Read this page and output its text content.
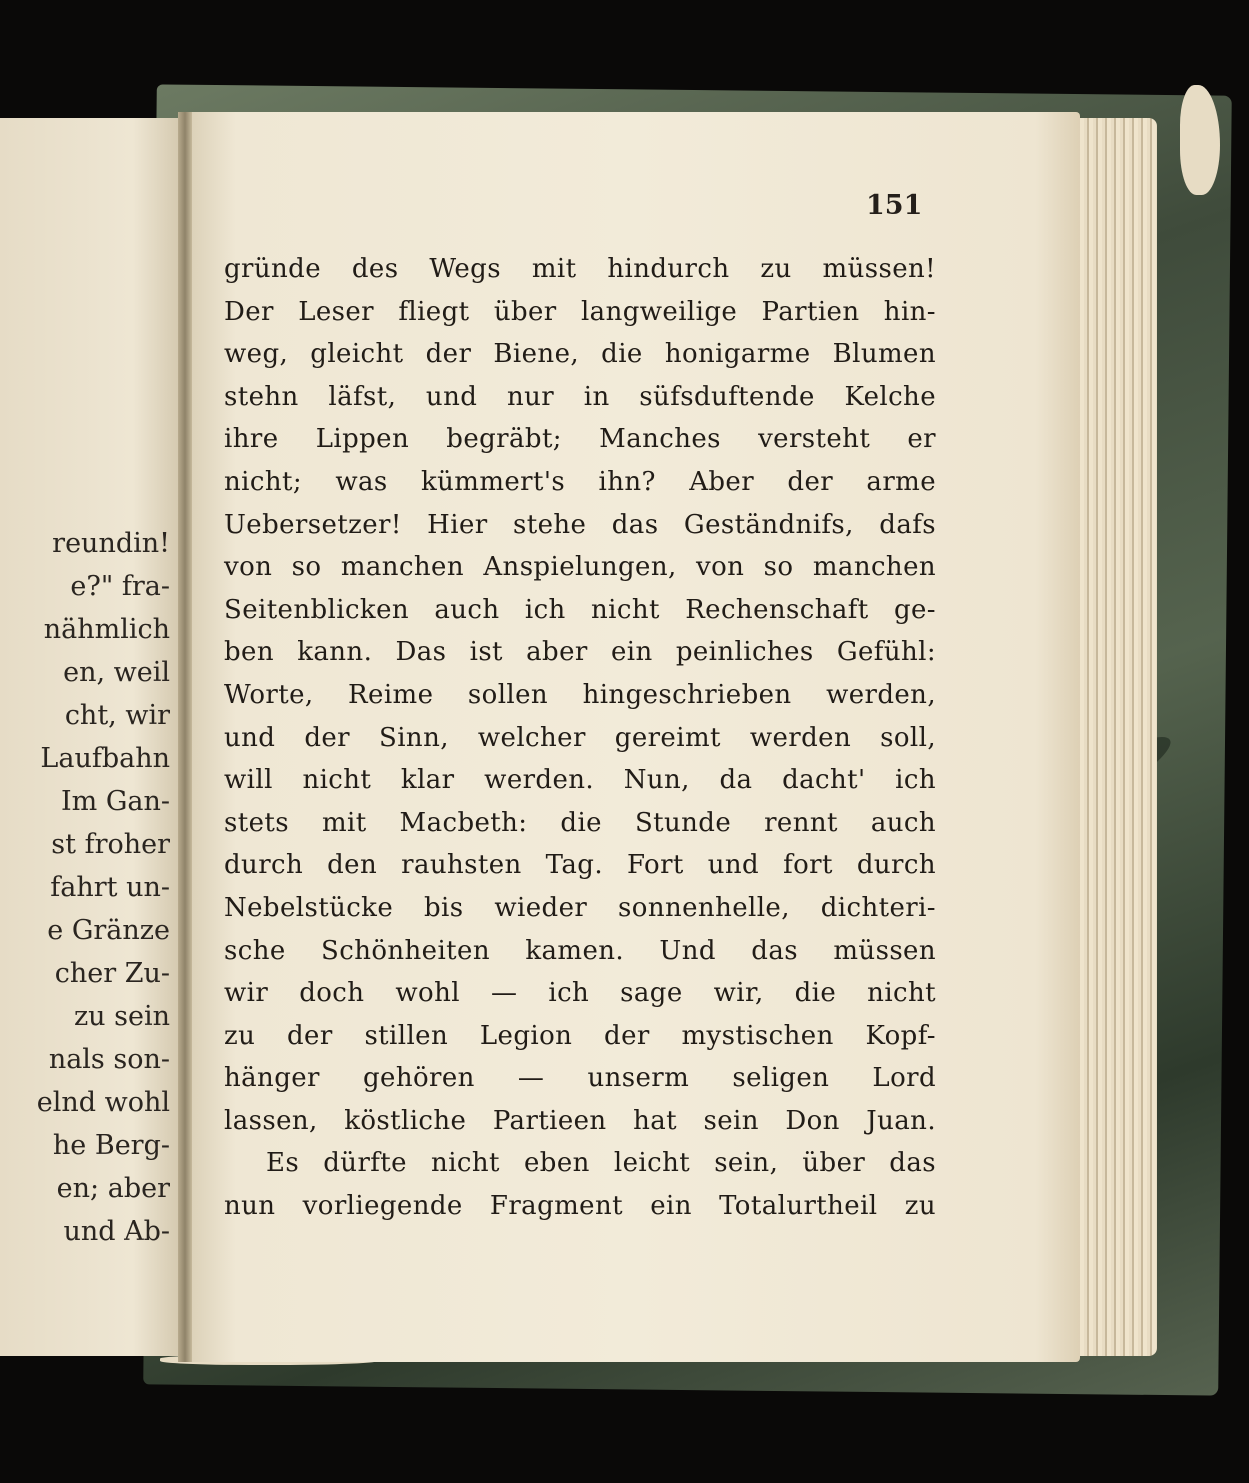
reundin!
e?" fra-
nähmlich
en, weil
cht, wir
Laufbahn
Im Gan-
st froher
fahrt un-
e Gränze
cher Zu-
zu sein
nals son-
elnd wohl
he Berg-
en; aber
und Ab-
151
gründe des Wegs mit hindurch zu müssen!
Der Leser fliegt über langweilige Partien hin-
weg, gleicht der Biene, die honigarme Blumen
stehn läfst, und nur in süfsduftende Kelche
ihre Lippen begräbt; Manches versteht er
nicht; was kümmert's ihn? Aber der arme
Uebersetzer! Hier stehe das Geständnifs, dafs
von so manchen Anspielungen, von so manchen
Seitenblicken auch ich nicht Rechenschaft ge-
ben kann. Das ist aber ein peinliches Gefühl:
Worte, Reime sollen hingeschrieben werden,
und der Sinn, welcher gereimt werden soll,
will nicht klar werden. Nun, da dacht' ich
stets mit Macbeth: die Stunde rennt auch
durch den rauhsten Tag. Fort und fort durch
Nebelstücke bis wieder sonnenhelle, dichteri-
sche Schönheiten kamen. Und das müssen
wir doch wohl — ich sage wir, die nicht
zu der stillen Legion der mystischen Kopf-
hänger gehören — unserm seligen Lord
lassen, köstliche Partieen hat sein Don Juan.
Es dürfte nicht eben leicht sein, über das
nun vorliegende Fragment ein Totalurtheil zu
